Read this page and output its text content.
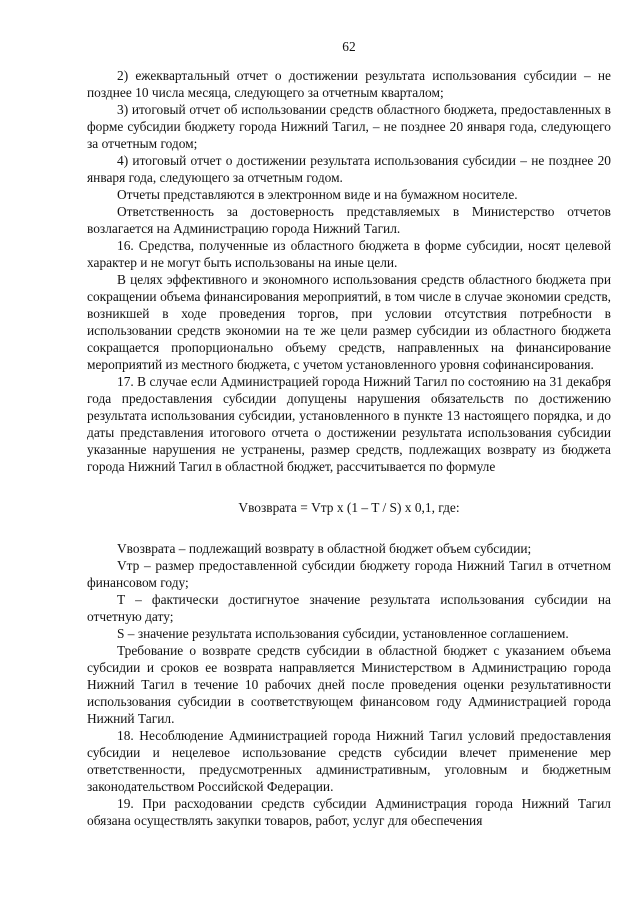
62

2) ежеквартальный отчет о достижении результата использования субсидии – не позднее 10 числа месяца, следующего за отчетным кварталом;

3) итоговый отчет об использовании средств областного бюджета, предоставленных в форме субсидии бюджету города Нижний Тагил, – не позднее 20 января года, следующего за отчетным годом;

4) итоговый отчет о достижении результата использования субсидии – не позднее 20 января года, следующего за отчетным годом.

Отчеты представляются в электронном виде и на бумажном носителе.

Ответственность за достоверность представляемых в Министерство отчетов возлагается на Администрацию города Нижний Тагил.

16. Средства, полученные из областного бюджета в форме субсидии, носят целевой характер и не могут быть использованы на иные цели.

В целях эффективного и экономного использования средств областного бюджета при сокращении объема финансирования мероприятий, в том числе в случае экономии средств, возникшей в ходе проведения торгов, при условии отсутствия потребности в использовании средств экономии на те же цели размер субсидии из областного бюджета сокращается пропорционально объему средств, направленных на финансирование мероприятий из местного бюджета, с учетом установленного уровня софинансирования.

17. В случае если Администрацией города Нижний Тагил по состоянию на 31 декабря года предоставления субсидии допущены нарушения обязательств по достижению результата использования субсидии, установленного в пункте 13 настоящего порядка, и до даты представления итогового отчета о достижении результата использования субсидии указанные нарушения не устранены, размер средств, подлежащих возврату из бюджета города Нижний Тагил в областной бюджет, рассчитывается по формуле

Vвозврата = Vтр x (1 – T / S) x 0,1, где:

Vвозврата – подлежащий возврату в областной бюджет объем субсидии;

Vтр – размер предоставленной субсидии бюджету города Нижний Тагил в отчетном финансовом году;

T – фактически достигнутое значение результата использования субсидии на отчетную дату;

S – значение результата использования субсидии, установленное соглашением.

Требование о возврате средств субсидии в областной бюджет с указанием объема субсидии и сроков ее возврата направляется Министерством в Администрацию города Нижний Тагил в течение 10 рабочих дней после проведения оценки результативности использования субсидии в соответствующем финансовом году Администрацией города Нижний Тагил.

18. Несоблюдение Администрацией города Нижний Тагил условий предоставления субсидии и нецелевое использование средств субсидии влечет применение мер ответственности, предусмотренных административным, уголовным и бюджетным законодательством Российской Федерации.

19. При расходовании средств субсидии Администрация города Нижний Тагил обязана осуществлять закупки товаров, работ, услуг для обеспечения
